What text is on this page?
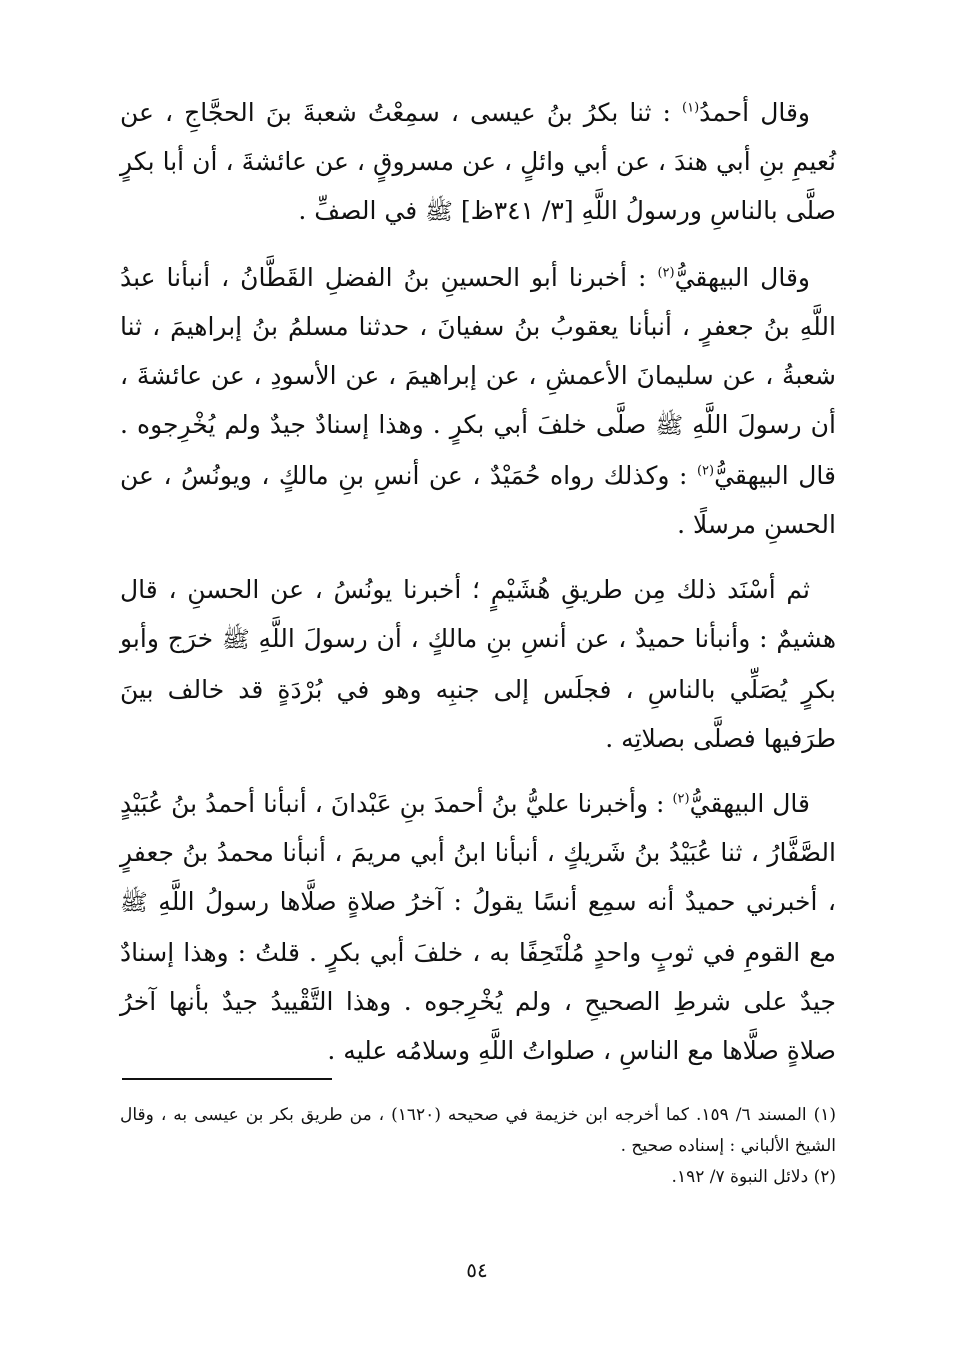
وقال أحمدُ$^{(١)}$ : ثنا بكرُ بنُ عيسى ، سمِعْتُ شعبةَ بنَ الحجَّاجِ ، عن نُعيمِ بنِ أبي هندَ ، عن أبي وائلٍ ، عن مسروقٍ ، عن عائشةَ ، أن أبا بكرٍ صلَّى بالناسِ ورسولُ اللَّهِ [٣/ ٣٤١ظ] ﷺ في الصفِّ .

وقال البيهقيُّ$^{(٢)}$ : أخبرنا أبو الحسينِ بنُ الفضلِ القَطَّانُ ، أنبأنا عبدُ اللَّهِ بنُ جعفرٍ ، أنبأنا يعقوبُ بنُ سفيانَ ، حدثنا مسلمُ بنُ إبراهيمَ ، ثنا شعبةُ ، عن سليمانَ الأعمشِ ، عن إبراهيمَ ، عن الأسودِ ، عن عائشةَ ، أن رسولَ اللَّهِ ﷺ صلَّى خلفَ أبي بكرٍ . وهذا إسنادٌ جيدٌ ولم يُخْرِجوه . قال البيهقيُّ$^{(٢)}$ : وكذلك رواه حُمَيْدٌ ، عن أنسِ بنِ مالكٍ ، ويونُسُ ، عن الحسنِ مرسلًا .

ثم أسْنَد ذلك مِن طريقِ هُشَيْمٍ ؛ أخبرنا يونُسُ ، عن الحسنِ ، قال هشيمٌ : وأنبأنا حميدٌ ، عن أنسِ بنِ مالكٍ ، أن رسولَ اللَّهِ ﷺ خرَج وأبو بكرٍ يُصَلِّي بالناسِ ، فجلَس إلى جنبِه وهو في بُرْدَةٍ قد خالف بينَ طرَفيها فصلَّى بصلاتِه .

قال البيهقيُّ$^{(٢)}$ : وأخبرنا عليُّ بنُ أحمدَ بنِ عَبْدانَ ، أنبأنا أحمدُ بنُ عُبَيْدٍ الصَّفَّارُ ، ثنا عُبَيْدُ بنُ شَريكٍ ، أنبأنا ابنُ أبي مريمَ ، أنبأنا محمدُ بنُ جعفرٍ ، أخبرني حميدٌ أنه سمِع أنسًا يقولُ : آخرُ صلاةٍ صلَّاها رسولُ اللَّهِ ﷺ مع القومِ في ثوبٍ واحدٍ مُلْتَحِفًا به ، خلفَ أبي بكرٍ . قلتُ : وهذا إسنادٌ جيدٌ على شرطِ الصحيحِ ، ولم يُخْرِجوه . وهذا التَّقْييدُ جيدٌ بأنها آخرُ صلاةٍ صلَّاها مع الناسِ ، صلواتُ اللَّهِ وسلامُه عليه .

(١) المسند ٦/ ١٥٩. كما أخرجه ابن خزيمة في صحيحه (١٦٢٠) ، من طريق بكر بن عيسى به ، وقال الشيخ الألباني : إسناده صحيح .

(٢) دلائل النبوة ٧/ ١٩٢.

٥٤
